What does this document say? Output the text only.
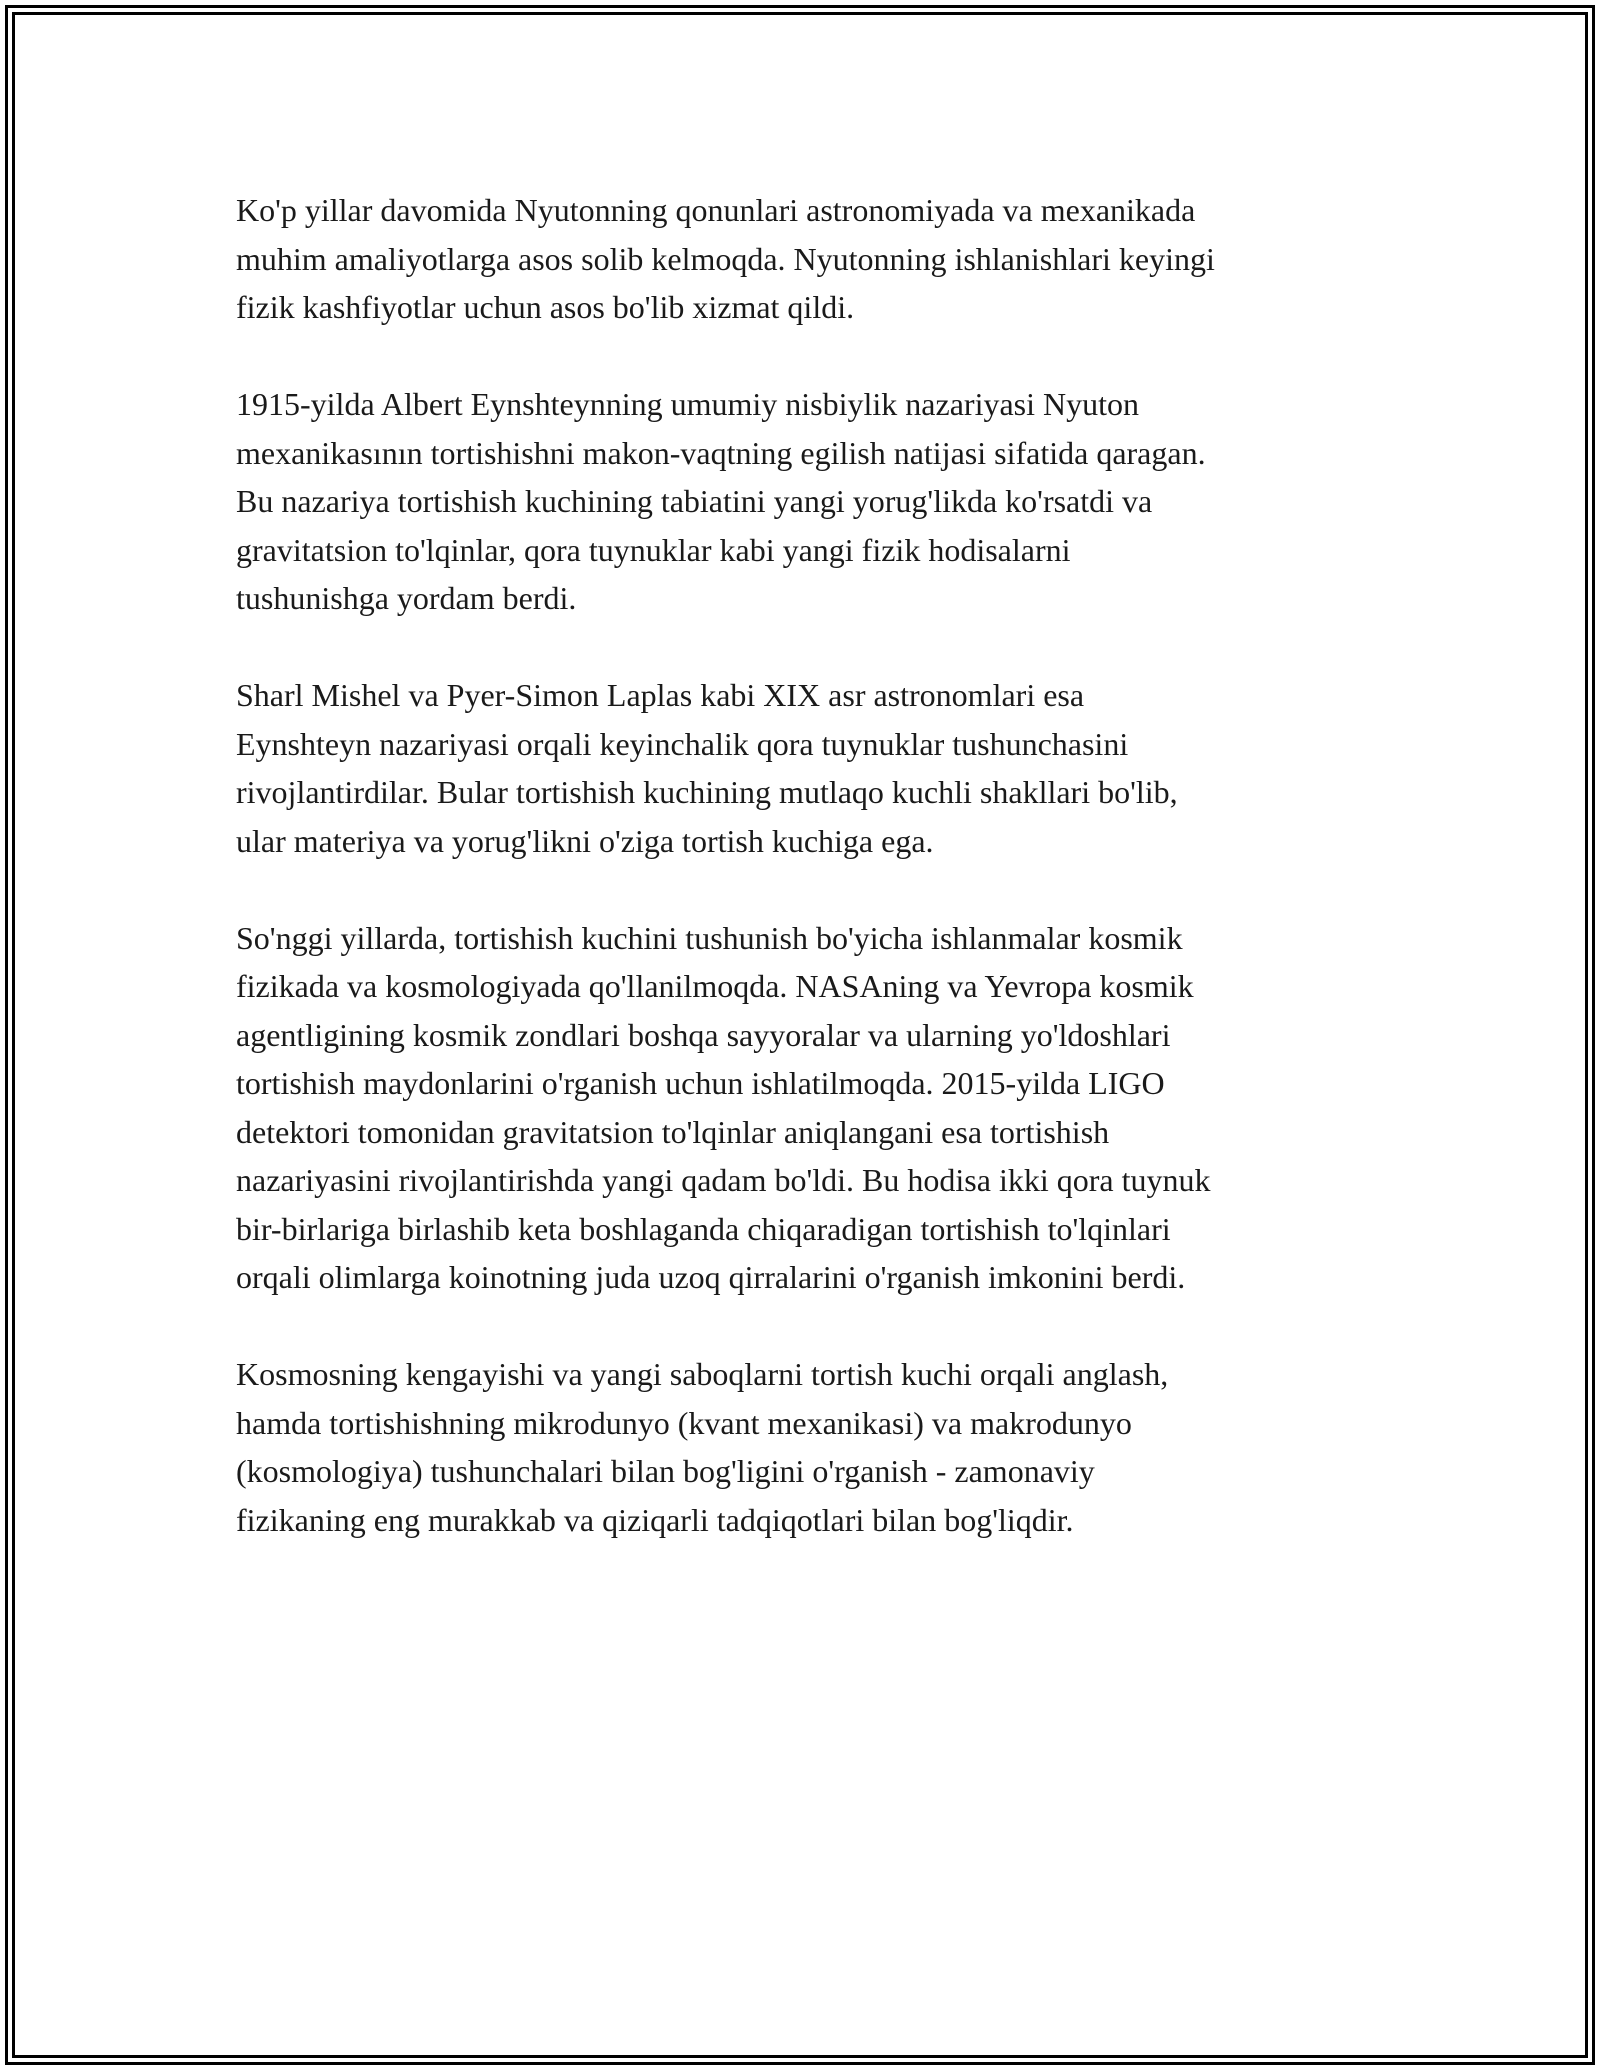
Ko'p yillar davomida Nyutonning qonunlari astronomiyada va mexanikada
muhim amaliyotlarga asos solib kelmoqda. Nyutonning ishlanishlari keyingi
fizik kashfiyotlar uchun asos bo'lib xizmat qildi.

1915-yilda Albert Eynshteynning umumiy nisbiylik nazariyasi Nyuton
mexanikasının tortishishni makon-vaqtning egilish natijasi sifatida qaragan.
Bu nazariya tortishish kuchining tabiatini yangi yorug'likda ko'rsatdi va
gravitatsion to'lqinlar, qora tuynuklar kabi yangi fizik hodisalarni
tushunishga yordam berdi.

Sharl Mishel va Pyer-Simon Laplas kabi XIX asr astronomlari esa
Eynshteyn nazariyasi orqali keyinchalik qora tuynuklar tushunchasini
rivojlantirdilar. Bular tortishish kuchining mutlaqo kuchli shakllari bo'lib,
ular materiya va yorug'likni o'ziga tortish kuchiga ega.

So'nggi yillarda, tortishish kuchini tushunish bo'yicha ishlanmalar kosmik
fizikada va kosmologiyada qo'llanilmoqda. NASAning va Yevropa kosmik
agentligining kosmik zondlari boshqa sayyoralar va ularning yo'ldoshlari
tortishish maydonlarini o'rganish uchun ishlatilmoqda. 2015-yilda LIGO
detektori tomonidan gravitatsion to'lqinlar aniqlangani esa tortishish
nazariyasini rivojlantirishda yangi qadam bo'ldi. Bu hodisa ikki qora tuynuk
bir-birlariga birlashib keta boshlaganda chiqaradigan tortishish to'lqinlari
orqali olimlarga koinotning juda uzoq qirralarini o'rganish imkonini berdi.

Kosmosning kengayishi va yangi saboqlarni tortish kuchi orqali anglash,
hamda tortishishning mikrodunyo (kvant mexanikasi) va makrodunyo
(kosmologiya) tushunchalari bilan bog'ligini o'rganish - zamonaviy
fizikaning eng murakkab va qiziqarli tadqiqotlari bilan bog'liqdir.
